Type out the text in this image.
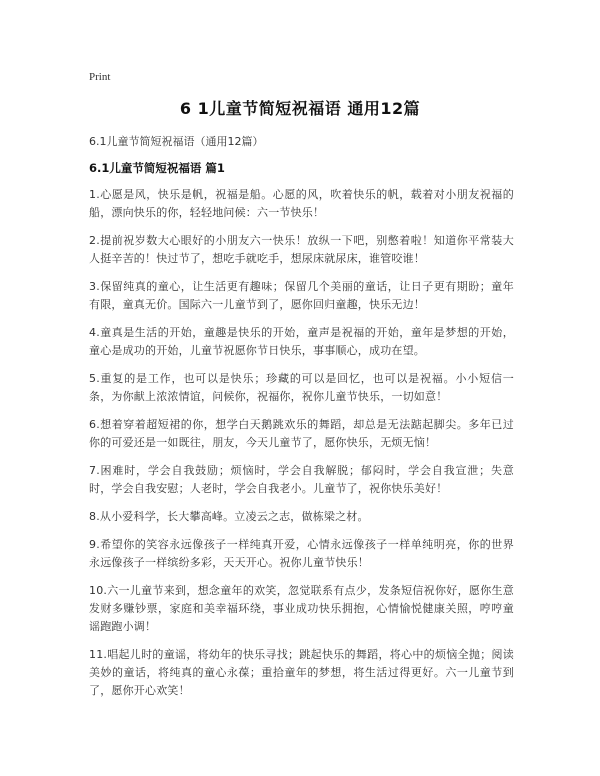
Print
6 1儿童节简短祝福语 通用12篇
6.1儿童节简短祝福语（通用12篇）
6.1儿童节简短祝福语 篇1

1.心愿是风，快乐是帆，祝福是船。心愿的风，吹着快乐的帆，载着对小朋友祝福的船，漂向快乐的你，轻轻地问候：六一节快乐！

2.提前祝岁数大心眼好的小朋友六一快乐！放纵一下吧，别憋着啦！知道你平常装大人挺辛苦的！快过节了，想吃手就吃手，想尿床就尿床，谁管咬谁！

3.保留纯真的童心，让生活更有趣味；保留几个美丽的童话，让日子更有期盼；童年有限，童真无价。国际六一儿童节到了，愿你回归童趣，快乐无边！

4.童真是生活的开始，童趣是快乐的开始，童声是祝福的开始，童年是梦想的开始，童心是成功的开始，儿童节祝愿你节日快乐，事事顺心，成功在望。

5.重复的是工作，也可以是快乐；珍藏的可以是回忆，也可以是祝福。小小短信一条，为你献上浓浓情谊，问候你，祝福你，祝你儿童节快乐，一切如意！

6.想着穿着超短裙的你，想学白天鹅跳欢乐的舞蹈，却总是无法踮起脚尖。多年已过你的可爱还是一如既往，朋友，今天儿童节了，愿你快乐，无烦无恼！

7.困难时，学会自我鼓励；烦恼时，学会自我解脱；郁闷时，学会自我宣泄；失意时，学会自我安慰；人老时，学会自我老小。儿童节了，祝你快乐美好！

8.从小爱科学，长大攀高峰。立凌云之志，做栋梁之材。

9.希望你的笑容永远像孩子一样纯真开爱，心情永远像孩子一样单纯明亮，你的世界永远像孩子一样缤纷多彩，天天开心。祝你儿童节快乐！

10.六一儿童节来到，想念童年的欢笑，忽觉联系有点少，发条短信祝你好，愿你生意发财多赚钞票，家庭和美幸福环绕，事业成功快乐拥抱，心情愉悦健康关照，哼哼童谣跑跑小调！

11.唱起儿时的童谣，将幼年的快乐寻找；跳起快乐的舞蹈，将心中的烦恼全抛；阅读美妙的童话，将纯真的童心永葆；重拾童年的梦想，将生活过得更好。六一儿童节到了，愿你开心欢笑！
